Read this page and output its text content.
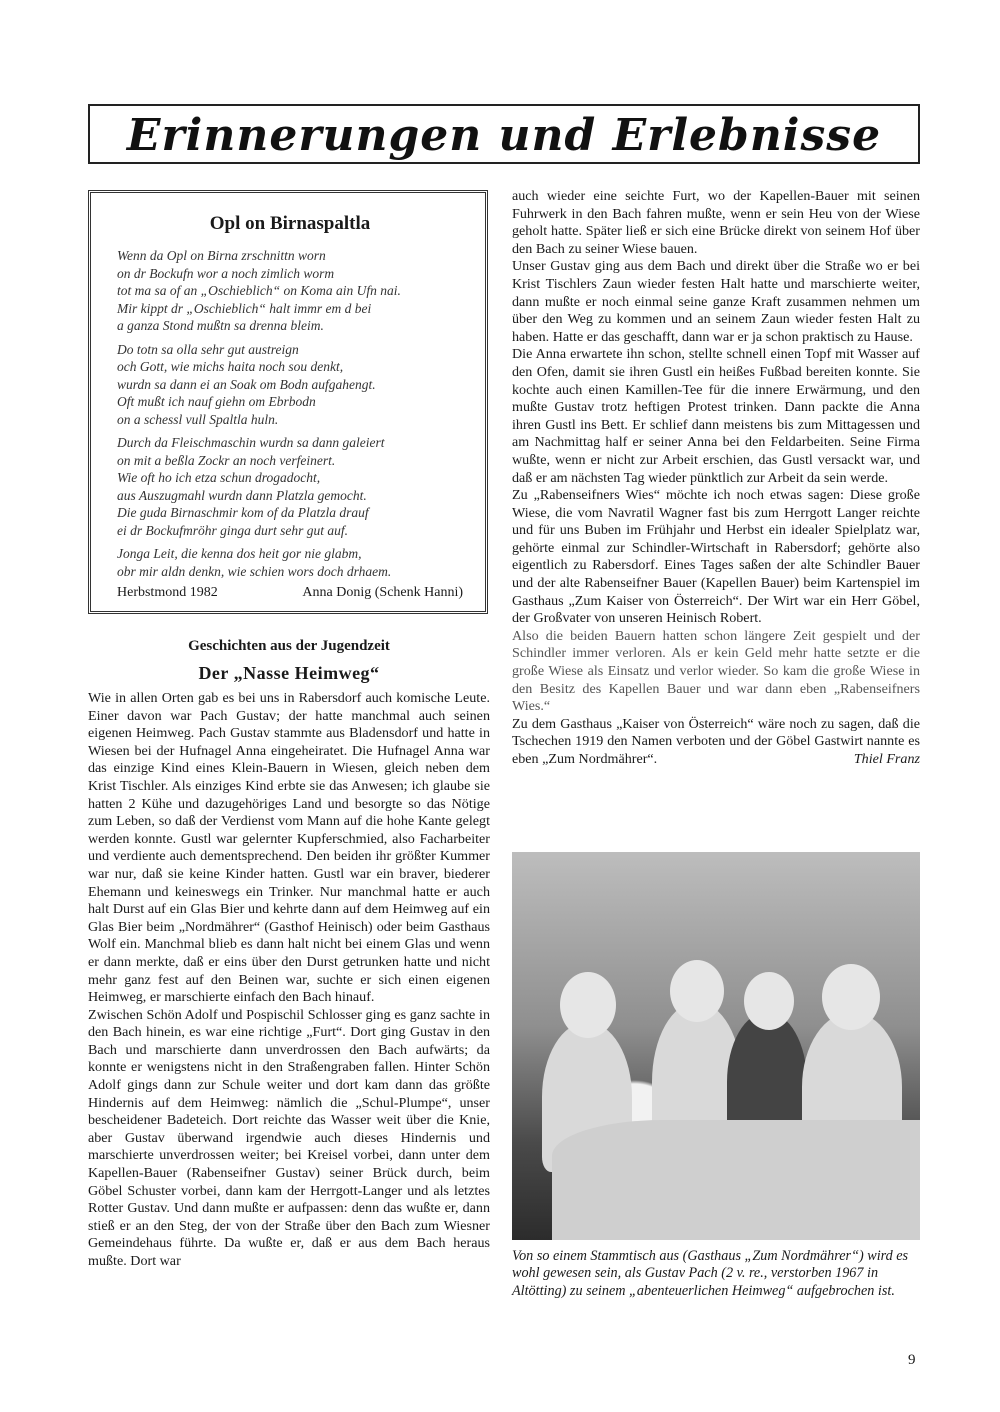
Erinnerungen und Erlebnisse
Opl on Birnaspaltla
Wenn da Opl on Birna zrschnittn worn
on dr Bockufn wor a noch zimlich worm
tot ma sa of an „Oschieblich“ on Koma ain Ufn nai.
Mir kippt dr „Oschieblich“ halt immr em d bei
a ganza Stond mußtn sa drenna bleim.
Do totn sa olla sehr gut austreign
och Gott, wie michs haita noch sou denkt,
wurdn sa dann ei an Soak om Bodn aufgahengt.
Oft mußt ich nauf giehn om Ebrbodn
on a schessl vull Spaltla huln.
Durch da Fleischmaschin wurdn sa dann galeiert
on mit a beßla Zockr an noch verfeinert.
Wie oft ho ich etza schun drogadocht,
aus Auszugmahl wurdn dann Platzla gemocht.
Die guda Birnaschmir kom of da Platzla drauf
ei dr Bockufmröhr ginga durt sehr gut auf.
Jonga Leit, die kenna dos heit gor nie glabm,
obr mir aldn denkn, wie schien wors doch drhaem.
Herbstmond 1982	Anna Donig (Schenk Hanni)
Geschichten aus der Jugendzeit
Der „Nasse Heimweg“

Wie in allen Orten gab es bei uns in Rabersdorf auch komische Leute. Einer davon war Pach Gustav; der hatte manchmal auch seinen eigenen Heimweg. Pach Gustav stammte aus Bladensdorf und hatte in Wiesen bei der Hufnagel Anna eingeheiratet. Die Hufnagel Anna war das einzige Kind eines Klein-Bauern in Wiesen, gleich neben dem Krist Tischler. Als einziges Kind erbte sie das Anwesen; ich glaube sie hatten 2 Kühe und dazugehöriges Land und besorgte so das Nötige zum Leben, so daß der Verdienst vom Mann auf die hohe Kante gelegt werden konnte. Gustl war gelernter Kupferschmied, also Facharbeiter und verdiente auch dementsprechend. Den beiden ihr größter Kummer war nur, daß sie keine Kinder hatten. Gustl war ein braver, biederer Ehemann und keineswegs ein Trinker. Nur manchmal hatte er auch halt Durst auf ein Glas Bier und kehrte dann auf dem Heimweg auf ein Glas Bier beim „Nordmährer“ (Gasthof Heinisch) oder beim Gasthaus Wolf ein. Manchmal blieb es dann halt nicht bei einem Glas und wenn er dann merkte, daß er eins über den Durst getrunken hatte und nicht mehr ganz fest auf den Beinen war, suchte er sich einen eigenen Heimweg, er marschierte einfach den Bach hinauf.

Zwischen Schön Adolf und Pospischil Schlosser ging es ganz sachte in den Bach hinein, es war eine richtige „Furt“. Dort ging Gustav in den Bach und marschierte dann unverdrossen den Bach aufwärts; da konnte er wenigstens nicht in den Straßengraben fallen. Hinter Schön Adolf gings dann zur Schule weiter und dort kam dann das größte Hindernis auf dem Heimweg: nämlich die „Schul-Plumpe“, unser bescheidener Badeteich. Dort reichte das Wasser weit über die Knie, aber Gustav überwand irgendwie auch dieses Hindernis und marschierte unverdrossen weiter; bei Kreisel vorbei, dann unter dem Kapellen-Bauer (Rabenseifner Gustav) seiner Brück durch, beim Göbel Schuster vorbei, dann kam der Herrgott-Langer und als letztes Rotter Gustav. Und dann mußte er aufpassen: denn das wußte er, dann stieß er an den Steg, der von der Straße über den Bach zum Wiesner Gemeindehaus führte. Da wußte er, daß er aus dem Bach heraus mußte. Dort war

auch wieder eine seichte Furt, wo der Kapellen-Bauer mit seinen Fuhrwerk in den Bach fahren mußte, wenn er sein Heu von der Wiese geholt hatte. Später ließ er sich eine Brücke direkt von seinem Hof über den Bach zu seiner Wiese bauen.

Unser Gustav ging aus dem Bach und direkt über die Straße wo er bei Krist Tischlers Zaun wieder festen Halt hatte und marschierte weiter, dann mußte er noch einmal seine ganze Kraft zusammen nehmen um über den Weg zu kommen und an seinem Zaun wieder festen Halt zu haben. Hatte er das geschafft, dann war er ja schon praktisch zu Hause.

Die Anna erwartete ihn schon, stellte schnell einen Topf mit Wasser auf den Ofen, damit sie ihren Gustl ein heißes Fußbad bereiten konnte. Sie kochte auch einen Kamillen-Tee für die innere Erwärmung, und den mußte Gustav trotz heftigen Protest trinken. Dann packte die Anna ihren Gustl ins Bett. Er schlief dann meistens bis zum Mittagessen und am Nachmittag half er seiner Anna bei den Feldarbeiten. Seine Firma wußte, wenn er nicht zur Arbeit erschien, das Gustl versackt war, und daß er am nächsten Tag wieder pünktlich zur Arbeit da sein werde.

Zu „Rabenseifners Wies“ möchte ich noch etwas sagen: Diese große Wiese, die vom Navratil Wagner fast bis zum Herrgott Langer reichte und für uns Buben im Frühjahr und Herbst ein idealer Spielplatz war, gehörte einmal zur Schindler-Wirtschaft in Rabersdorf; gehörte also eigentlich zu Rabersdorf. Eines Tages saßen der alte Schindler Bauer und der alte Rabenseifner Bauer (Kapellen Bauer) beim Kartenspiel im Gasthaus „Zum Kaiser von Österreich“. Der Wirt war ein Herr Göbel, der Großvater von unseren Heinisch Robert.

Also die beiden Bauern hatten schon längere Zeit gespielt und der Schindler immer verloren. Als er kein Geld mehr hatte setzte er die große Wiese als Einsatz und verlor wieder. So kam die große Wiese in den Besitz des Kapellen Bauer und war dann eben „Rabenseifners Wies.“

Zu dem Gasthaus „Kaiser von Österreich“ wäre noch zu sagen, daß die Tschechen 1919 den Namen verboten und der Göbel Gastwirt nannte es eben „Zum Nordmährer“.	Thiel Franz

Von so einem Stammtisch aus (Gasthaus „Zum Nordmährer“) wird es wohl gewesen sein, als Gustav Pach (2 v. re., verstorben 1967 in Altötting) zu seinem „abenteuerlichen Heimweg“ aufgebrochen ist.
9
